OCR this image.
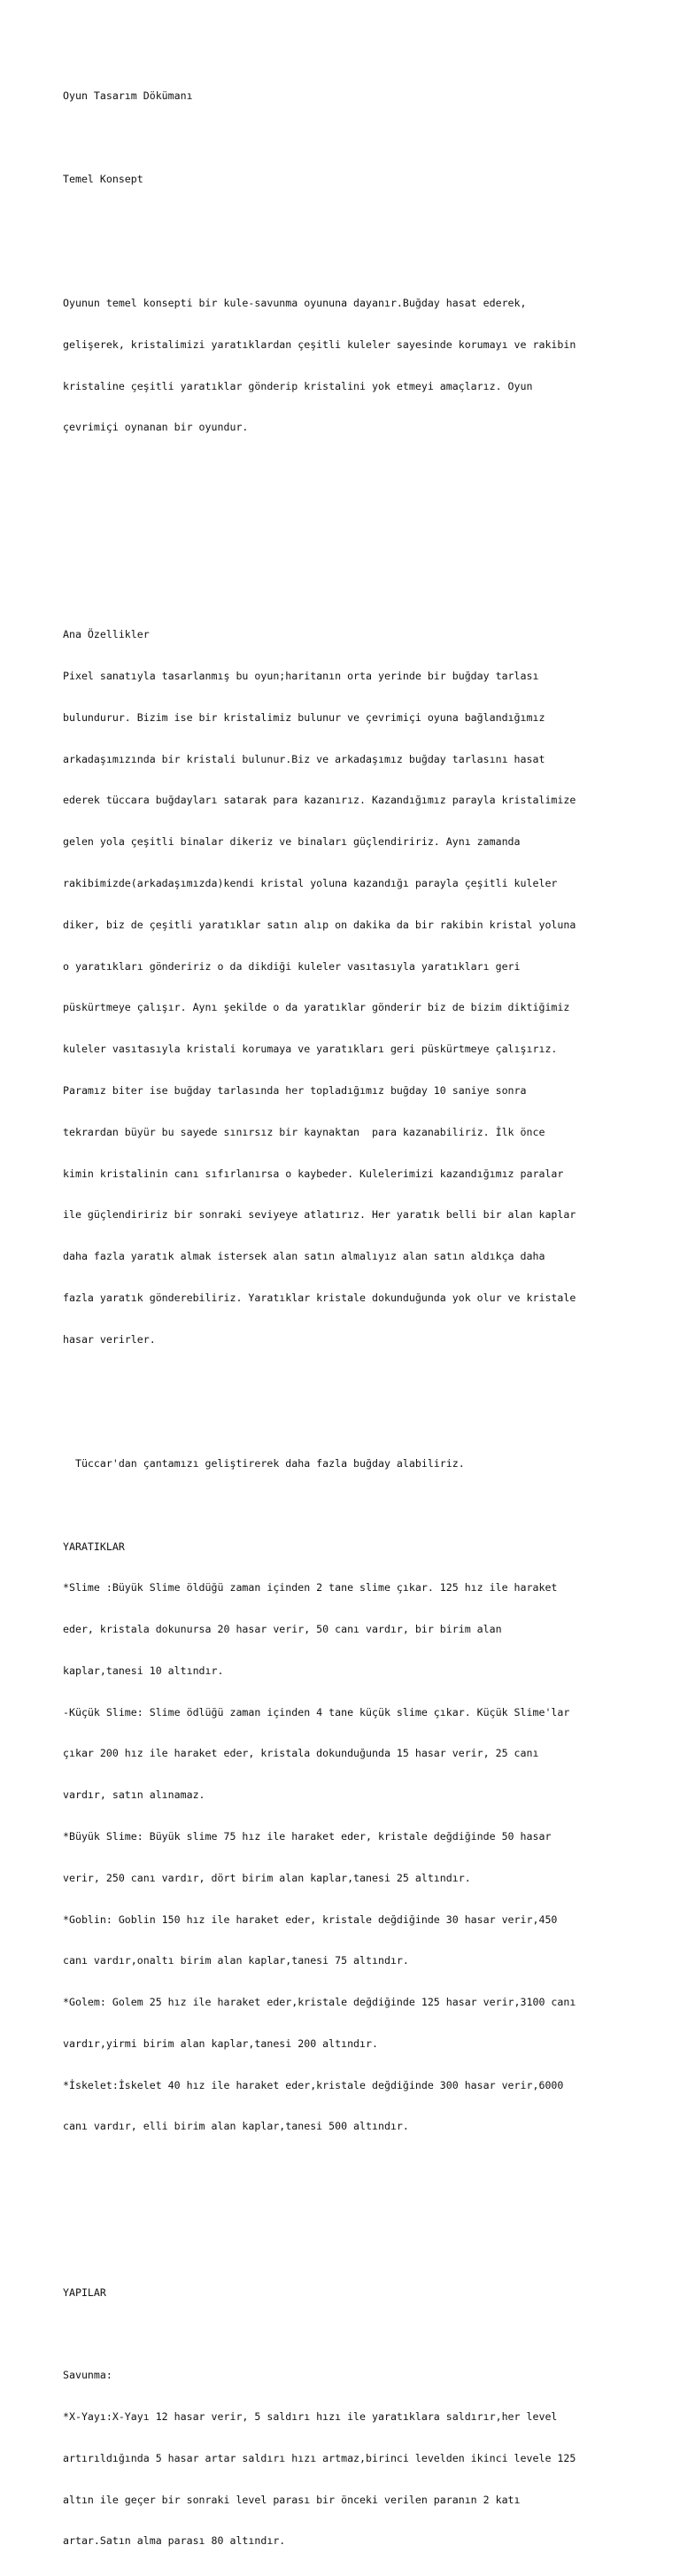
Oyun Tasarım Dökümanı

Temel Konsept

Oyunun temel konsepti bir kule-savunma oyununa dayanır.Buğday hasat ederek,

gelişerek, kristalimizi yaratıklardan çeşitli kuleler sayesinde korumayı ve rakibin

kristaline çeşitli yaratıklar gönderip kristalini yok etmeyi amaçlarız. Oyun

çevrimiçi oynanan bir oyundur.

Ana Özellikler

Pixel sanatıyla tasarlanmış bu oyun;haritanın orta yerinde bir buğday tarlası

bulundurur. Bizim ise bir kristalimiz bulunur ve çevrimiçi oyuna bağlandığımız

arkadaşımızında bir kristali bulunur.Biz ve arkadaşımız buğday tarlasını hasat

ederek tüccara buğdayları satarak para kazanırız. Kazandığımız parayla kristalimize

gelen yola çeşitli binalar dikeriz ve binaları güçlendiririz. Aynı zamanda

rakibimizde(arkadaşımızda)kendi kristal yoluna kazandığı parayla çeşitli kuleler

diker, biz de çeşitli yaratıklar satın alıp on dakika da bir rakibin kristal yoluna

o yaratıkları göndeririz o da dikdiği kuleler vasıtasıyla yaratıkları geri

püskürtmeye çalışır. Aynı şekilde o da yaratıklar gönderir biz de bizim diktiğimiz

kuleler vasıtasıyla kristali korumaya ve yaratıkları geri püskürtmeye çalışırız.

Paramız biter ise buğday tarlasında her topladığımız buğday 10 saniye sonra

tekrardan büyür bu sayede sınırsız bir kaynaktan  para kazanabiliriz. İlk önce

kimin kristalinin canı sıfırlanırsa o kaybeder. Kulelerimizi kazandığımız paralar

ile güçlendiririz bir sonraki seviyeye atlatırız. Her yaratık belli bir alan kaplar

daha fazla yaratık almak istersek alan satın almalıyız alan satın aldıkça daha

fazla yaratık gönderebiliriz. Yaratıklar kristale dokunduğunda yok olur ve kristale

hasar verirler.

Tüccar'dan çantamızı geliştirerek daha fazla buğday alabiliriz.

YARATIKLAR

*Slime :Büyük Slime öldüğü zaman içinden 2 tane slime çıkar. 125 hız ile haraket

eder, kristala dokunursa 20 hasar verir, 50 canı vardır, bir birim alan

kaplar,tanesi 10 altındır.

-Küçük Slime: Slime ödlüğü zaman içinden 4 tane küçük slime çıkar. Küçük Slime'lar

çıkar 200 hız ile haraket eder, kristala dokunduğunda 15 hasar verir, 25 canı

vardır, satın alınamaz.

*Büyük Slime: Büyük slime 75 hız ile haraket eder, kristale değdiğinde 50 hasar

verir, 250 canı vardır, dört birim alan kaplar,tanesi 25 altındır.

*Goblin: Goblin 150 hız ile haraket eder, kristale değdiğinde 30 hasar verir,450

canı vardır,onaltı birim alan kaplar,tanesi 75 altındır.

*Golem: Golem 25 hız ile haraket eder,kristale değdiğinde 125 hasar verir,3100 canı

vardır,yirmi birim alan kaplar,tanesi 200 altındır.

*İskelet:İskelet 40 hız ile haraket eder,kristale değdiğinde 300 hasar verir,6000

canı vardır, elli birim alan kaplar,tanesi 500 altındır.

YAPILAR

Savunma:

*X-Yayı:X-Yayı 12 hasar verir, 5 saldırı hızı ile yaratıklara saldırır,her level

artırıldığında 5 hasar artar saldırı hızı artmaz,birinci levelden ikinci levele 125

altın ile geçer bir sonraki level parası bir önceki verilen paranın 2 katı

artar.Satın alma parası 80 altındır.
